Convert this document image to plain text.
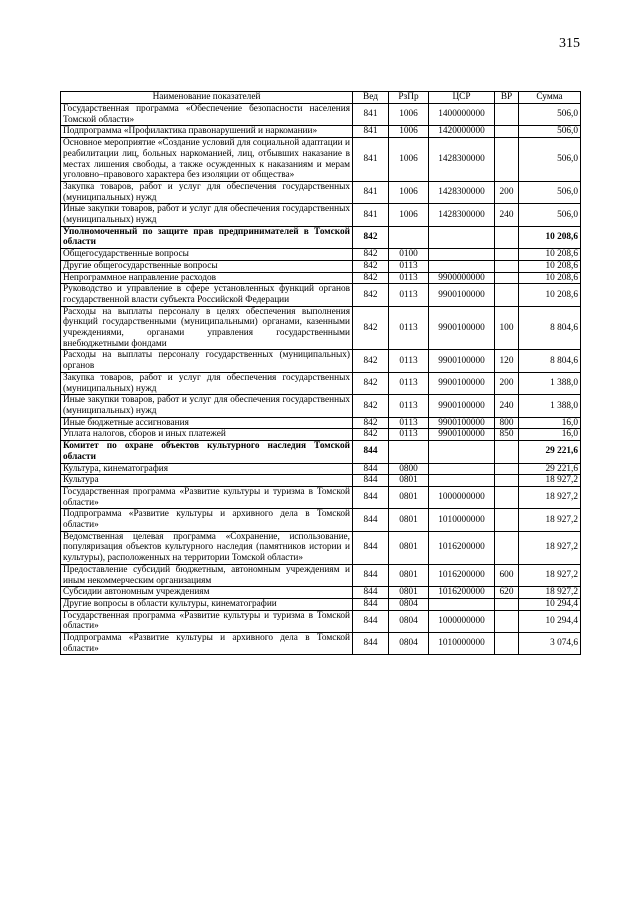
315
Наименование показателей	Вед	РзПр	ЦСР	ВР	Сумма
Государственная программа «Обеспечение безопасности населения Томской области»	841	1006	1400000000		506,0
Подпрограмма «Профилактика правонарушений и наркомании»	841	1006	1420000000		506,0
Основное мероприятие «Создание условий для социальной адаптации и реабилитации лиц, больных наркоманией, лиц, отбывших наказание в местах лишения свободы, а также осужденных к наказаниям и мерам уголовно–правового характера без изоляции от общества»	841	1006	1428300000		506,0
Закупка товаров, работ и услуг для обеспечения государственных (муниципальных) нужд	841	1006	1428300000	200	506,0
Иные закупки товаров, работ и услуг для обеспечения государственных (муниципальных) нужд	841	1006	1428300000	240	506,0
Уполномоченный по защите прав предпринимателей в Томской области	842				10 208,6
Общегосударственные вопросы	842	0100			10 208,6
Другие общегосударственные вопросы	842	0113			10 208,6
Непрограммное направление расходов	842	0113	9900000000		10 208,6
Руководство и управление в сфере установленных функций органов государственной власти субъекта Российской Федерации	842	0113	9900100000		10 208,6
Расходы на выплаты персоналу в целях обеспечения выполнения функций государственными (муниципальными) органами, казенными учреждениями, органами управления государственными внебюджетными фондами	842	0113	9900100000	100	8 804,6
Расходы на выплаты персоналу государственных (муниципальных) органов	842	0113	9900100000	120	8 804,6
Закупка товаров, работ и услуг для обеспечения государственных (муниципальных) нужд	842	0113	9900100000	200	1 388,0
Иные закупки товаров, работ и услуг для обеспечения государственных (муниципальных) нужд	842	0113	9900100000	240	1 388,0
Иные бюджетные ассигнования	842	0113	9900100000	800	16,0
Уплата налогов, сборов и иных платежей	842	0113	9900100000	850	16,0
Комитет по охране объектов культурного наследия Томской области	844				29 221,6
Культура, кинематография	844	0800			29 221,6
Культура	844	0801			18 927,2
Государственная программа «Развитие культуры и туризма в Томской области»	844	0801	1000000000		18 927,2
Подпрограмма «Развитие культуры и архивного дела в Томской области»	844	0801	1010000000		18 927,2
Ведомственная целевая программа «Сохранение, использование, популяризация объектов культурного наследия (памятников истории и культуры), расположенных на территории Томской области»	844	0801	1016200000		18 927,2
Предоставление субсидий бюджетным, автономным учреждениям и иным некоммерческим организациям	844	0801	1016200000	600	18 927,2
Субсидии автономным учреждениям	844	0801	1016200000	620	18 927,2
Другие вопросы в области культуры, кинематографии	844	0804			10 294,4
Государственная программа «Развитие культуры и туризма в Томской области»	844	0804	1000000000		10 294,4
Подпрограмма «Развитие культуры и архивного дела в Томской области»	844	0804	1010000000		3 074,6
